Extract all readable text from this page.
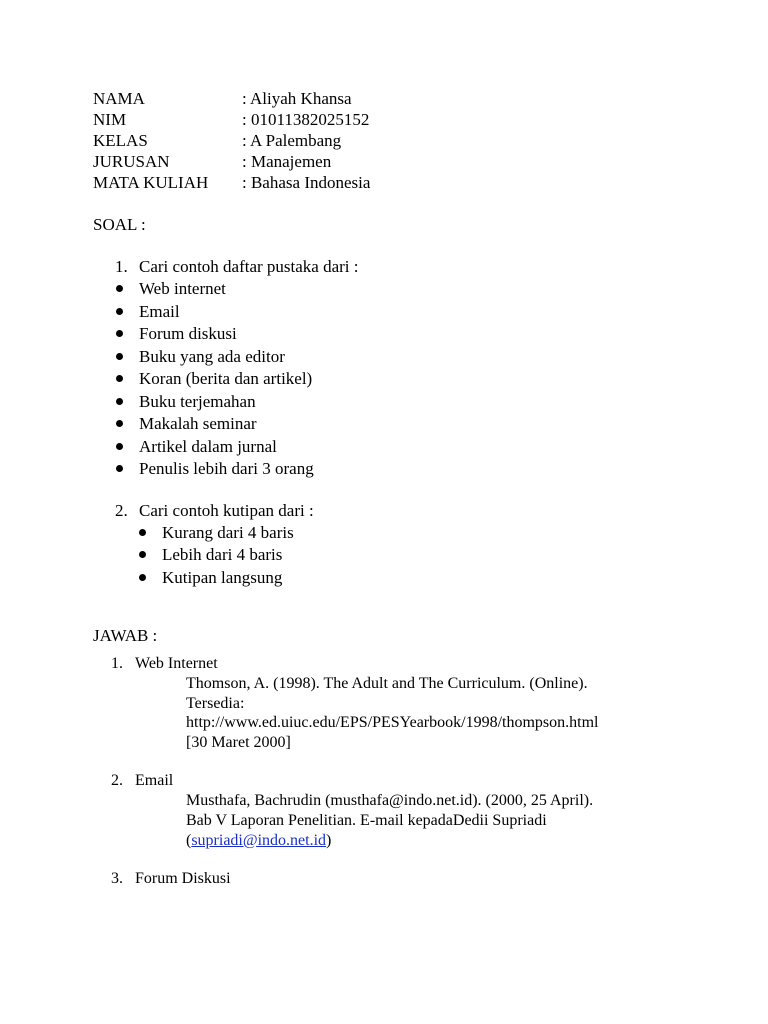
NAMA	: Aliyah Khansa
NIM	: 01011382025152
KELAS	: A Palembang
JURUSAN	: Manajemen
MATA KULIAH : Bahasa Indonesia
SOAL :
1. Cari contoh daftar pustaka dari :
Web internet
Email
Forum diskusi
Buku yang ada editor
Koran (berita dan artikel)
Buku terjemahan
Makalah seminar
Artikel dalam jurnal
Penulis lebih dari 3 orang
2. Cari contoh kutipan dari :
Kurang dari 4 baris
Lebih dari 4 baris
Kutipan langsung
JAWAB :
1. Web Internet
Thomson, A. (1998). The Adult and The Curriculum. (Online).
Tersedia:
http://www.ed.uiuc.edu/EPS/PESYearbook/1998/thompson.html
[30 Maret 2000]
2. Email
Musthafa, Bachrudin (musthafa@indo.net.id). (2000, 25 April).
Bab V Laporan Penelitian. E-mail kepadaDedii Supriadi
(supriadi@indo.net.id)
3. Forum Diskusi
